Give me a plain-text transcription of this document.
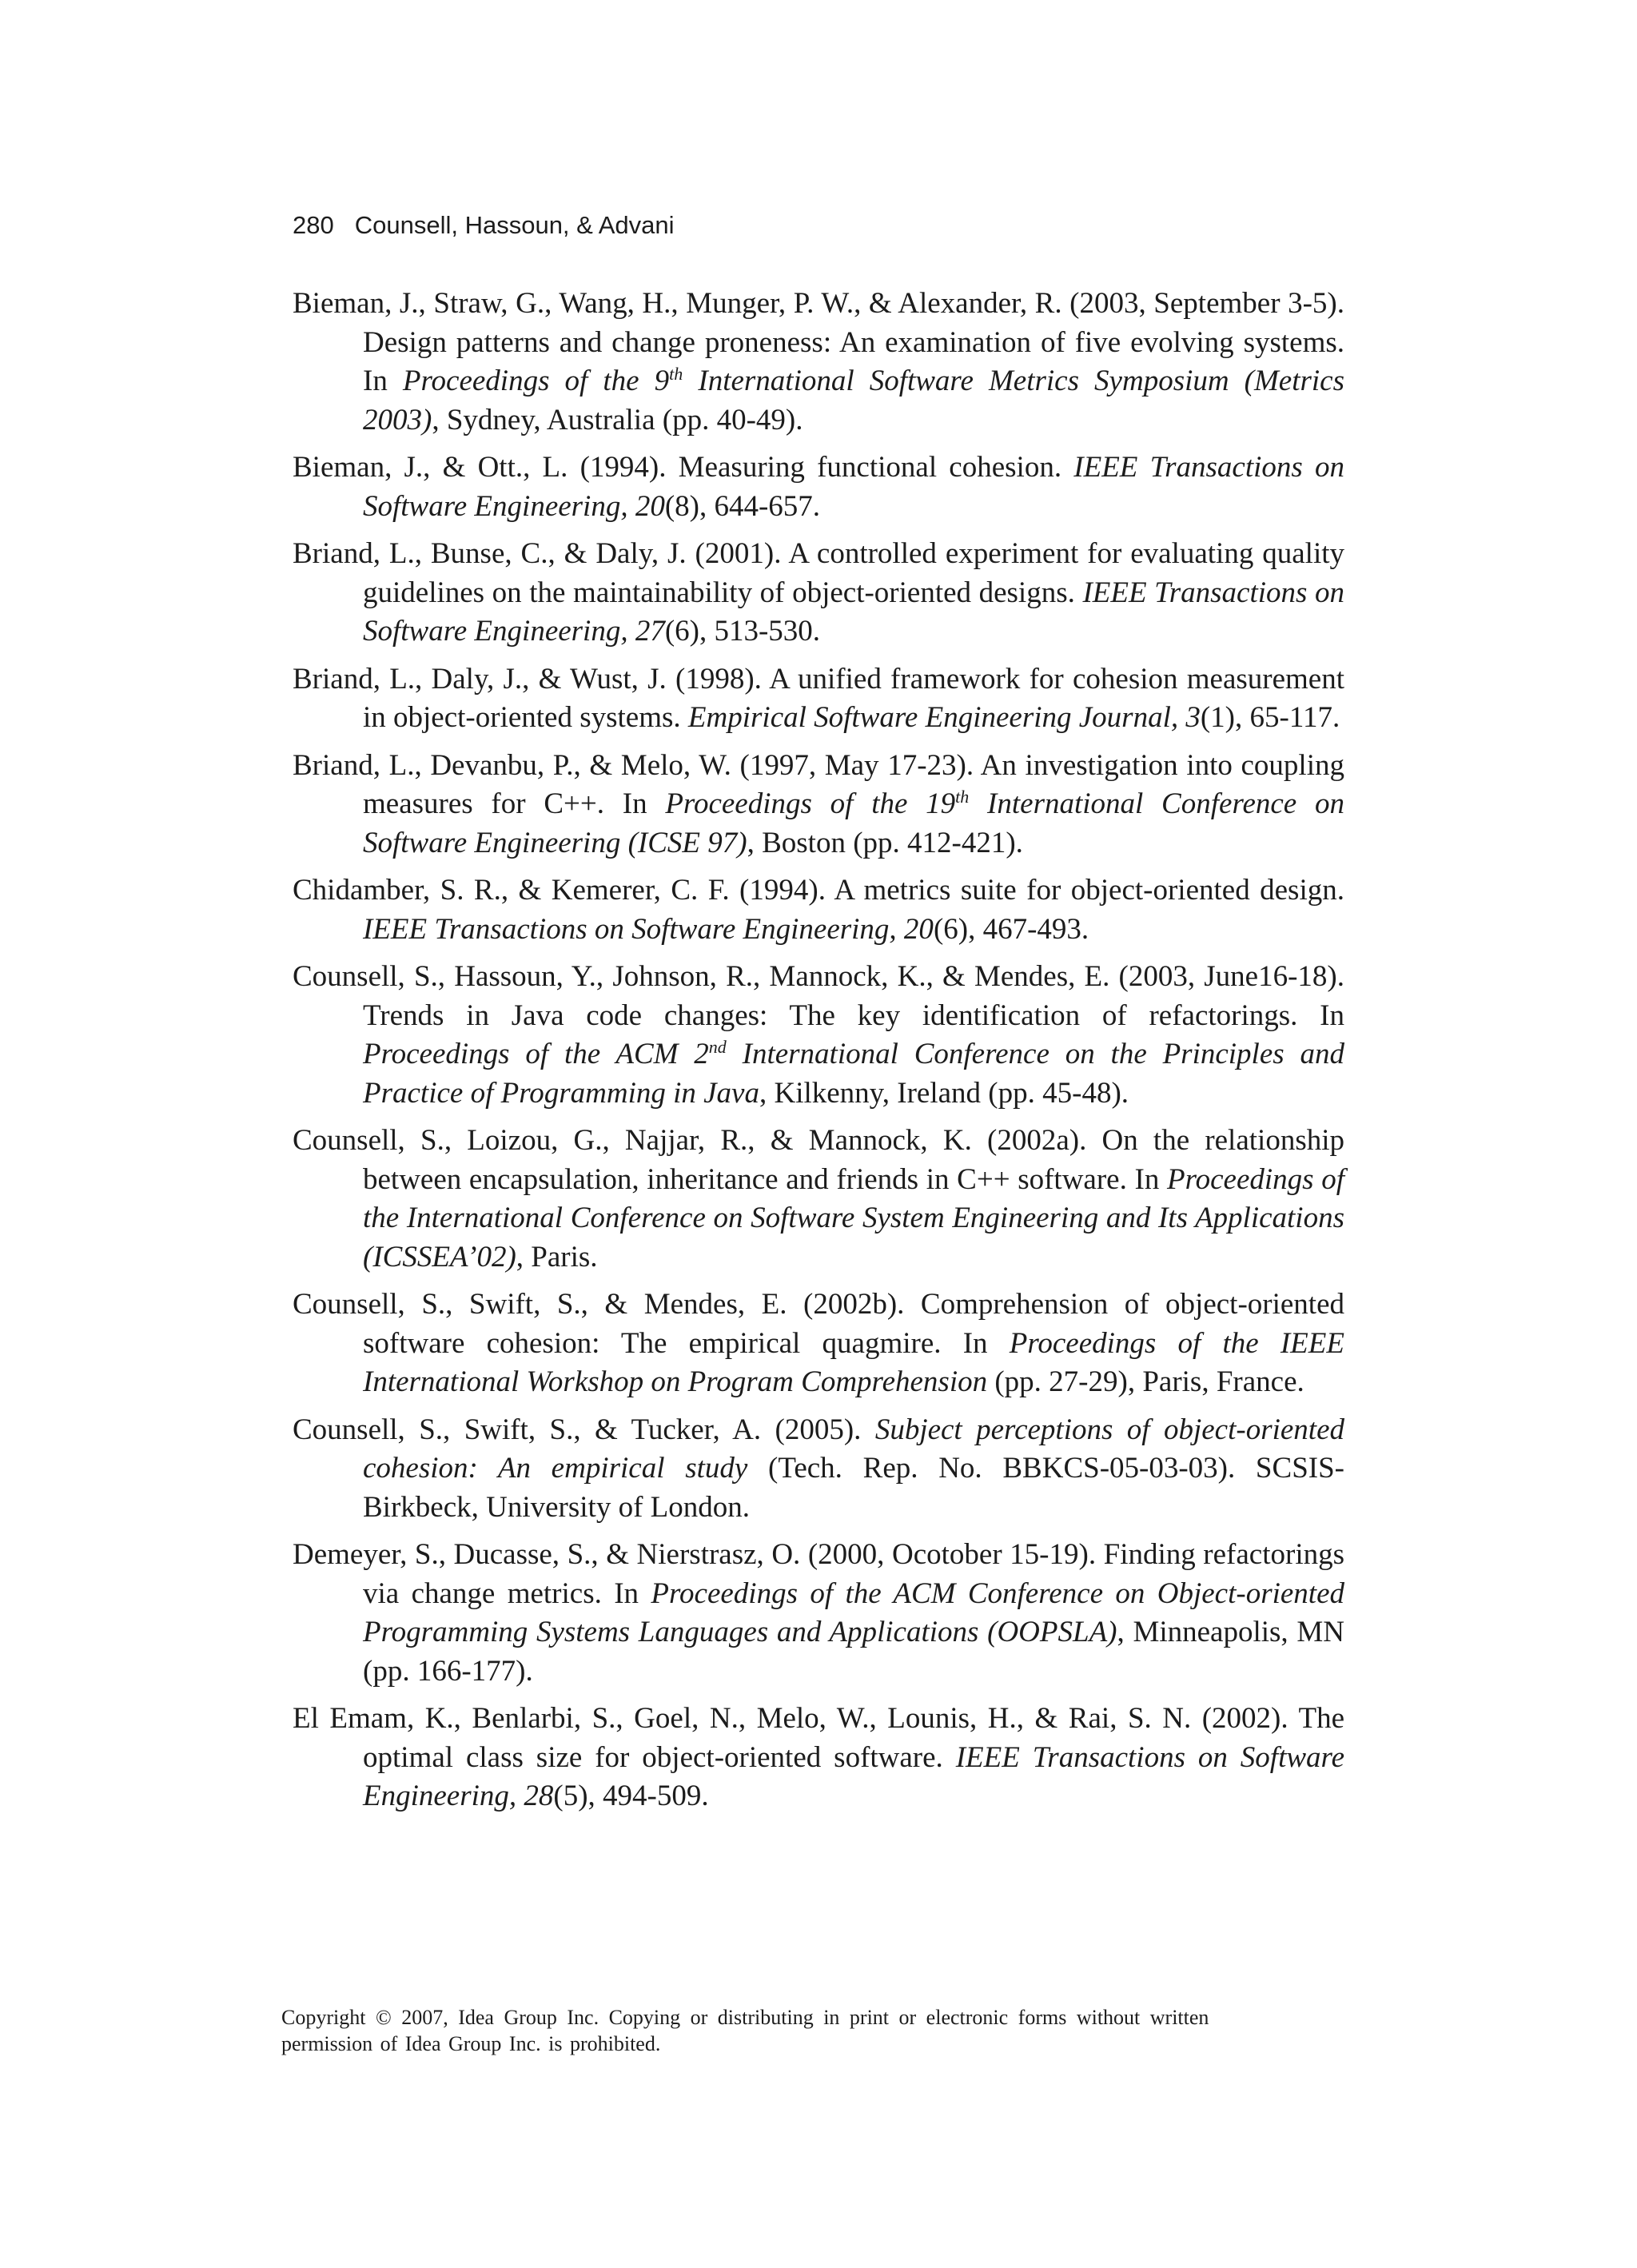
280 Counsell, Hassoun, & Advani

Bieman, J., Straw, G., Wang, H., Munger, P. W., & Alexander, R. (2003, September 3-5). Design patterns and change proneness: An examination of five evolving systems. In Proceedings of the 9th International Software Metrics Symposium (Metrics 2003), Sydney, Australia (pp. 40-49).

Bieman, J., & Ott., L. (1994). Measuring functional cohesion. IEEE Transactions on Software Engineering, 20(8), 644-657.

Briand, L., Bunse, C., & Daly, J. (2001). A controlled experiment for evaluating quality guidelines on the maintainability of object-oriented designs. IEEE Transactions on Software Engineering, 27(6), 513-530.

Briand, L., Daly, J., & Wust, J. (1998). A unified framework for cohesion measurement in object-oriented systems. Empirical Software Engineering Journal, 3(1), 65-117.

Briand, L., Devanbu, P., & Melo, W. (1997, May 17-23). An investigation into coupling measures for C++. In Proceedings of the 19th International Conference on Software Engineering (ICSE 97), Boston (pp. 412-421).

Chidamber, S. R., & Kemerer, C. F. (1994). A metrics suite for object-oriented design. IEEE Transactions on Software Engineering, 20(6), 467-493.

Counsell, S., Hassoun, Y., Johnson, R., Mannock, K., & Mendes, E. (2003, June16-18). Trends in Java code changes: The key identification of refactorings. In Proceedings of the ACM 2nd International Conference on the Principles and Practice of Programming in Java, Kilkenny, Ireland (pp. 45-48).

Counsell, S., Loizou, G., Najjar, R., & Mannock, K. (2002a). On the relationship between encapsulation, inheritance and friends in C++ software. In Proceedings of the International Conference on Software System Engineering and Its Applications (ICSSEA’02), Paris.

Counsell, S., Swift, S., & Mendes, E. (2002b). Comprehension of object-oriented software cohesion: The empirical quagmire. In Proceedings of the IEEE International Workshop on Program Comprehension (pp. 27-29), Paris, France.

Counsell, S., Swift, S., & Tucker, A. (2005). Subject perceptions of object-oriented cohesion: An empirical study (Tech. Rep. No. BBKCS-05-03-03). SCSIS-Birkbeck, University of London.

Demeyer, S., Ducasse, S., & Nierstrasz, O. (2000, Ocotober 15-19). Finding refactorings via change metrics. In Proceedings of the ACM Conference on Object-oriented Programming Systems Languages and Applications (OOPSLA), Minneapolis, MN (pp. 166-177).

El Emam, K., Benlarbi, S., Goel, N., Melo, W., Lounis, H., & Rai, S. N. (2002). The optimal class size for object-oriented software. IEEE Transactions on Software Engineering, 28(5), 494-509.

Copyright © 2007, Idea Group Inc. Copying or distributing in print or electronic forms without written
permission of Idea Group Inc. is prohibited.
